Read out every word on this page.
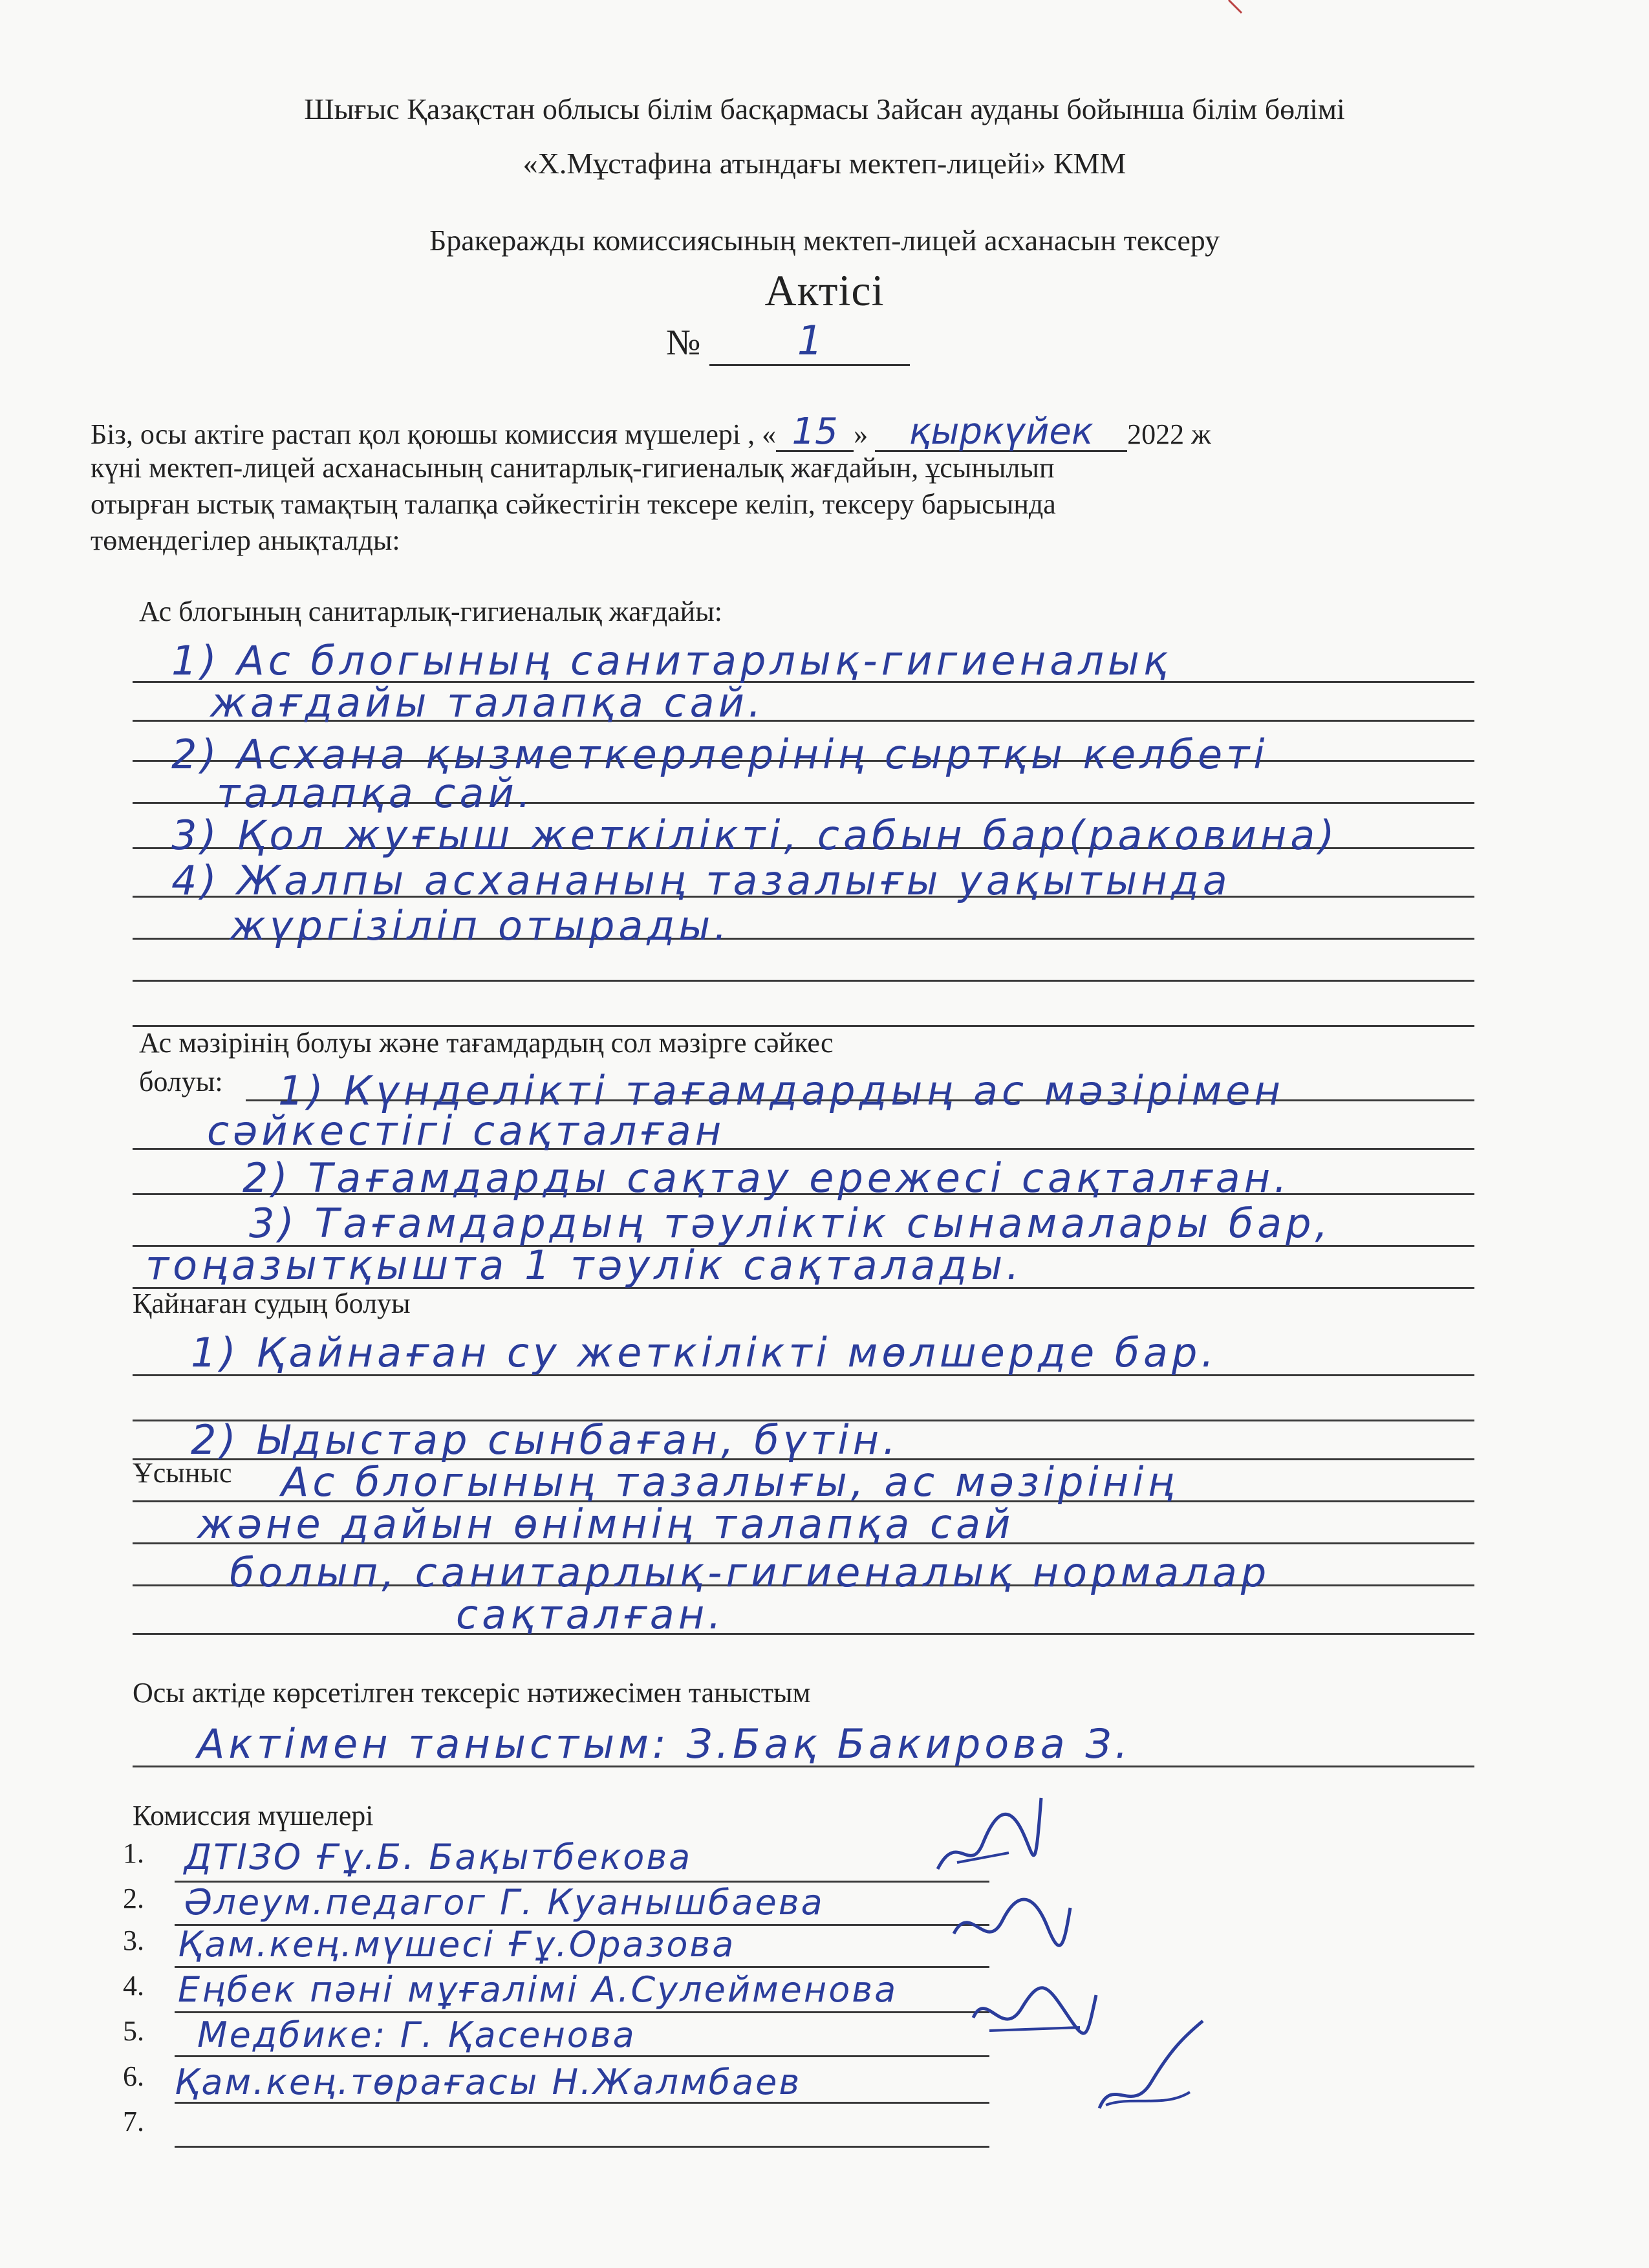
Шығыс Қазақстан облысы білім басқармасы Зайсан ауданы бойынша білім бөлімі
«Х.Мұстафина атындағы мектеп-лицейі» КММ
Бракеражды комиссиясының мектеп-лицей асханасын тексеру
Актісі
№ 1
Біз, осы актіге растап қол қоюшы комиссия мүшелері , « 15 » қыркүйек 2022 ж
күні мектеп-лицей асханасының санитарлық-гигиеналық жағдайын, ұсынылып
отырған ыстық тамақтың талапқа сәйкестігін тексере келіп, тексеру барысында
төмендегілер анықталды:
Ас блогының санитарлық-гигиеналық жағдайы:
1) Ас блогының санитарлық-гигиеналық
жағдайы талапқа сай.
2) Асхана қызметкерлерінің сыртқы келбеті
талапқа сай.
3) Қол жуғыш жеткілікті, сабын бар(раковина)
4) Жалпы асхананың тазалығы уақытында
жүргізіліп отырады.
Ас мәзірінің болуы және тағамдардың сол мәзірге сәйкес
болуы: 1) Күнделікті тағамдардың ас мәзірімен
сәйкестігі сақталған
2) Тағамдарды сақтау ережесі сақталған.
3) Тағамдардың тәуліктік сынамалары бар,
тоңазытқышта 1 тәулік сақталады.
Қайнаған судың болуы
1) Қайнаған су жеткілікті мөлшерде бар.
2) Ыдыстар сынбаған, бүтін.
Ұсыныс Ас блогының тазалығы, ас мәзірінің
және дайын өнімнің талапқа сай
болып, санитарлық-гигиеналық нормалар
сақталған.
Осы актіде көрсетілген тексеріс нәтижесімен таныстым
Актімен таныстым: З.Бақ Бакирова З.
Комиссия мүшелері
1. ДТІЗО Ғұ.Б. Бақытбекова
2. Әлеум.педагог Г. Куанышбаева
3. Қам.кең.мүшесі Ғұ.Оразова
4. Еңбек пәні мұғалімі А.Сулейменова
5. Медбике: Г. Қасенова
6. Қам.кең.төрағасы Н.Жалмбаев
7.
